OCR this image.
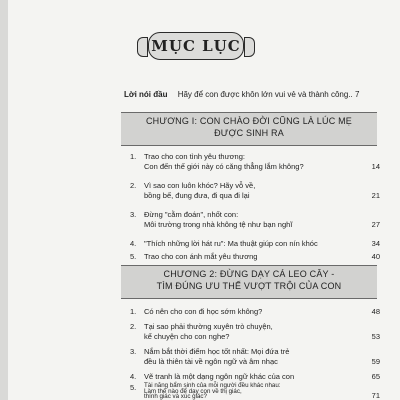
MỤC LỤC
Lời nói đầu Hãy để con được khôn lớn vui vẻ và thành công.. 7
CHƯƠNG I: CON CHÀO ĐỜI CŨNG LÀ LÚC MẸ
ĐƯỢC SINH RA
1. Trao cho con tình yêu thương:
Con đến thế giới này có căng thẳng lắm không?	14
2. Vì sao con luôn khóc? Hãy vỗ về,
bồng bế, đung đưa, đi qua đi lại	21
3. Đừng "cằm đoán", nhốt con:
Môi trường trong nhà không tệ như bạn nghĩ	27
4. "Thích những lời hát ru": Ma thuật giúp con nín khóc	34
5. Trao cho con ánh mắt yêu thương	40
CHƯƠNG 2: ĐỪNG DẠY CÁ LEO CÂY -
TÌM ĐÚNG ƯU THẾ VƯỢT TRỘI CỦA CON
1. Có nên cho con đi học sớm không?	48
2. Tại sao phải thường xuyên trò chuyện,
kể chuyện cho con nghe?	53
3. Nắm bắt thời điểm học tốt nhất: Mọi đứa trẻ
đều là thiên tài về ngôn ngữ và âm nhạc	59
4. Vẽ tranh là một dạng ngôn ngữ khác của con	65
5. Tài năng bẩm sinh của mỗi người đều khác nhau:
Làm thế nào để dạy con về thị giác,
thính giác và xúc giác?	71
